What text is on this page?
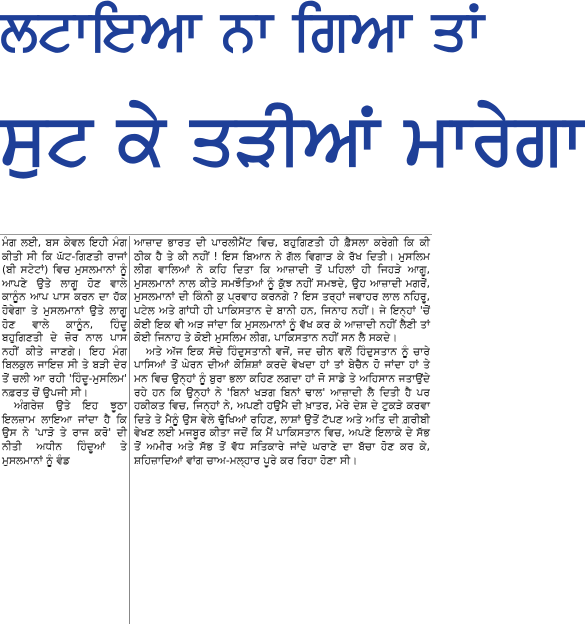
ਲਟਾਇਆ ਨਾ ਗਿਆ ਤਾਂ
ਸੁਟ ਕੇ ਤੜੀਆਂ ਮਾਰੇਗਾ

ਮੰਗ ਲਈ, ਬਸ ਕੇਵਲ ਇਹੀ ਮੰਗ ਕੀਤੀ ਸੀ ਕਿ ਘੱਟ-ਗਿਣਤੀ ਰਾਜਾਂ (ਬੀ ਸਟੇਟਾਂ) ਵਿਚ ਮੁਸਲਮਾਨਾਂ ਨੂੰ ਆਪਣੇ ਉਤੇ ਲਾਗੂ ਹੋਣ ਵਾਲੇ ਕਾਨੂੰਨ ਆਪ ਪਾਸ ਕਰਨ ਦਾ ਹੱਕ ਹੋਵੇਗਾ ਤੇ ਮੁਸਲਮਾਨਾਂ ਉਤੇ ਲਾਗੂ ਹੋਣ ਵਾਲੇ ਕਾਨੂੰਨ, ਹਿੰਦੂ ਬਹੁਗਿਣਤੀ ਦੇ ਜ਼ੋਰ ਨਾਲ ਪਾਸ ਨਹੀਂ ਕੀਤੇ ਜਾਣਗੇ। ਇਹ ਮੰਗ ਬਿਲਕੁਲ ਜਾਇਜ਼ ਸੀ ਤੇ ਬੜੀ ਦੇਰ ਤੋਂ ਚਲੀ ਆ ਰਹੀ 'ਹਿੰਦੂ-ਮੁਸਲਿਮ' ਨਫ਼ਰਤ ਚੋਂ ਉਪਜੀ ਸੀ।

ਅੰਗਰੇਜ਼ ਉਤੇ ਇਹ ਝੂਠਾ ਇਲਜ਼ਾਮ ਲਾਇਆ ਜਾਂਦਾ ਹੈ ਕਿ ਉਸ ਨੇ 'ਪਾੜੋ ਤੇ ਰਾਜ ਕਰੋ' ਦੀ ਨੀਤੀ ਅਧੀਨ ਹਿੰਦੂਆਂ ਤੇ ਮੁਸਲਮਾਨਾਂ ਨੂੰ ਵੰਡ

ਆਜ਼ਾਦ ਭਾਰਤ ਦੀ ਪਾਰਲੀਮੈਂਟ ਵਿਚ, ਬਹੁਗਿਣਤੀ ਹੀ ਫ਼ੈਸਲਾ ਕਰੇਗੀ ਕਿ ਕੀ ਠੀਕ ਹੈ ਤੇ ਕੀ ਨਹੀਂ ! ਇਸ ਬਿਆਨ ਨੇ ਗੱਲ ਵਿਗਾੜ ਕੇ ਰੱਖ ਦਿਤੀ। ਮੁਸਲਿਮ ਲੀਗ ਵਾਲਿਆਂ ਨੇ ਕਹਿ ਦਿਤਾ ਕਿ ਆਜ਼ਾਦੀ ਤੋਂ ਪਹਿਲਾਂ ਹੀ ਜਿਹੜੇ ਆਗੂ, ਮੁਸਲਮਾਨਾਂ ਨਾਲ ਕੀਤੇ ਸਮਝੌਤਿਆਂ ਨੂੰ ਕੁੱਝ ਨਹੀਂ ਸਮਝਦੇ, ਉਹ ਆਜ਼ਾਦੀ ਮਗਰੋਂ, ਮੁਸਲਮਾਨਾਂ ਦੀ ਕਿੰਨੀ ਕੁ ਪ੍ਰਵਾਹ ਕਰਨਗੇ ? ਇਸ ਤਰ੍ਹਾਂ ਜਵਾਹਰ ਲਾਲ ਨਹਿਰੂ, ਪਟੇਲ ਅਤੇ ਗਾਂਧੀ ਹੀ ਪਾਕਿਸਤਾਨ ਦੇ ਬਾਨੀ ਹਨ, ਜਿਨਾਹ ਨਹੀਂ। ਜੇ ਇਨ੍ਹਾਂ 'ਚੋਂ ਕੋਈ ਇਕ ਵੀ ਅੜ ਜਾਂਦਾ ਕਿ ਮੁਸਲਮਾਨਾਂ ਨੂੰ ਵੱਖ ਕਰ ਕੇ ਆਜ਼ਾਦੀ ਨਹੀਂ ਲੈਣੀ ਤਾਂ ਕੋਈ ਜਿਨਾਹ ਤੇ ਕੋਈ ਮੁਸਲਿਮ ਲੀਗ, ਪਾਕਿਸਤਾਨ ਨਹੀਂ ਸਨ ਲੈ ਸਕਦੇ।

ਅਤੇ ਅੱਜ ਇਕ ਸੱਚੇ ਹਿੰਦੁਸਤਾਨੀ ਵਜੋਂ, ਜਦ ਚੀਨ ਵਲੋਂ ਹਿੰਦੁਸਤਾਨ ਨੂੰ ਚਾਰੇ ਪਾਸਿਆਂ ਤੋਂ ਘੇਰਨ ਦੀਆਂ ਕੋਸ਼ਿਸ਼ਾਂ ਕਰਦੇ ਵੇਖਦਾ ਹਾਂ ਤਾਂ ਬੇਚੈਨ ਹੋ ਜਾਂਦਾ ਹਾਂ ਤੇ ਮਨ ਵਿਚ ਉਨ੍ਹਾਂ ਨੂੰ ਬੁਰਾ ਭਲਾ ਕਹਿਣ ਲਗਦਾ ਹਾਂ ਜੋ ਸਾਡੇ ਤੇ ਅਹਿਸਾਨ ਜਤਾਉਂਦੇ ਰਹੇ ਹਨ ਕਿ ਉਨ੍ਹਾਂ ਨੇ 'ਬਿਨਾਂ ਖੜਗ ਬਿਨਾਂ ਢਾਲ' ਆਜ਼ਾਦੀ ਲੈ ਦਿਤੀ ਹੈ ਪਰ ਹਕੀਕਤ ਵਿਚ, ਜਿਨ੍ਹਾਂ ਨੇ, ਅਪਣੀ ਹਉਮੈ ਦੀ ਖ਼ਾਤਰ, ਮੇਰੇ ਦੇਸ਼ ਦੇ ਟੁਕੜੇ ਕਰਵਾ ਦਿਤੇ ਤੇ ਮੈਨੂੰ ਉਸ ਵੇਲੇ ਢੁੱਖਿਆਂ ਰਹਿਣ, ਲਾਸ਼ਾਂ ਉਤੋਂ ਟੱਪਣ ਅਤੇ ਅਤਿ ਦੀ ਗ਼ਰੀਬੀ ਵੇਖਣ ਲਈ ਮਜਬੂਰ ਕੀਤਾ ਜਦੋਂ ਕਿ ਮੈਂ ਪਾਕਿਸਤਾਨ ਵਿਚ, ਅਪਣੇ ਇਲਾਕੇ ਦੇ ਸੱਭ ਤੋਂ ਅਮੀਰ ਅਤੇ ਸੱਭ ਤੋਂ ਵੱਧ ਸਤਿਕਾਰੇ ਜਾਂਦੇ ਘਰਾਣੇ ਦਾ ਬੱਚਾ ਹੋਣ ਕਰ ਕੇ, ਸ਼ਹਿਜ਼ਾਦਿਆਂ ਵਾਂਗ ਚਾਅ-ਮਲ੍ਹਾਰ ਪੂਰੇ ਕਰ ਰਿਹਾ ਹੋਣਾ ਸੀ।
